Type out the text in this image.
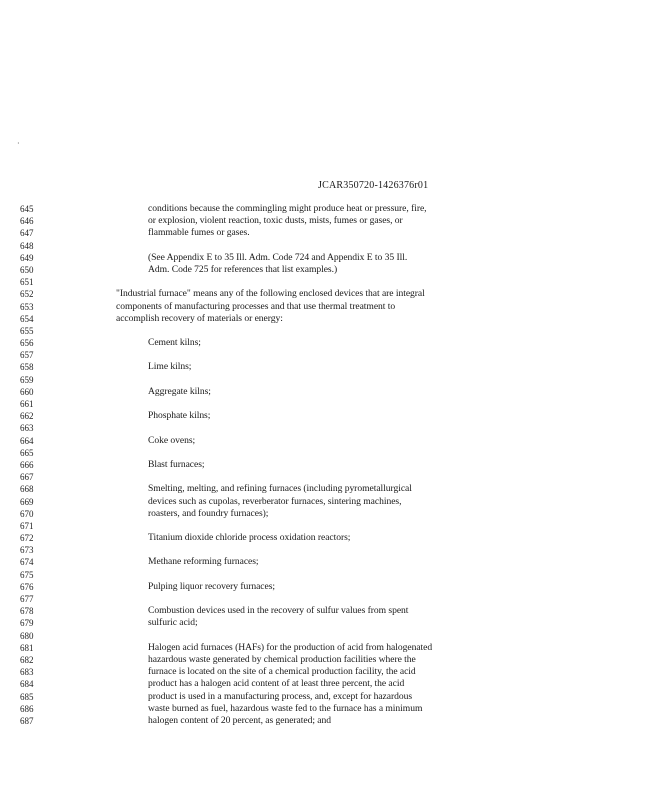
·
JCAR350720-1426376r01
645	conditions because the commingling might produce heat or pressure, fire,
646	or explosion, violent reaction, toxic dusts, mists, fumes or gases, or
647	flammable fumes or gases.
648
649	(See Appendix E to 35 Ill. Adm. Code 724 and Appendix E to 35 Ill.
650	Adm. Code 725 for references that list examples.)
651
652	"Industrial furnace" means any of the following enclosed devices that are integral
653	components of manufacturing processes and that use thermal treatment to
654	accomplish recovery of materials or energy:
655
656	Cement kilns;
657
658	Lime kilns;
659
660	Aggregate kilns;
661
662	Phosphate kilns;
663
664	Coke ovens;
665
666	Blast furnaces;
667
668	Smelting, melting, and refining furnaces (including pyrometallurgical
669	devices such as cupolas, reverberator furnaces, sintering machines,
670	roasters, and foundry furnaces);
671
672	Titanium dioxide chloride process oxidation reactors;
673
674	Methane reforming furnaces;
675
676	Pulping liquor recovery furnaces;
677
678	Combustion devices used in the recovery of sulfur values from spent
679	sulfuric acid;
680
681	Halogen acid furnaces (HAFs) for the production of acid from halogenated
682	hazardous waste generated by chemical production facilities where the
683	furnace is located on the site of a chemical production facility, the acid
684	product has a halogen acid content of at least three percent, the acid
685	product is used in a manufacturing process, and, except for hazardous
686	waste burned as fuel, hazardous waste fed to the furnace has a minimum
687	halogen content of 20 percent, as generated; and
